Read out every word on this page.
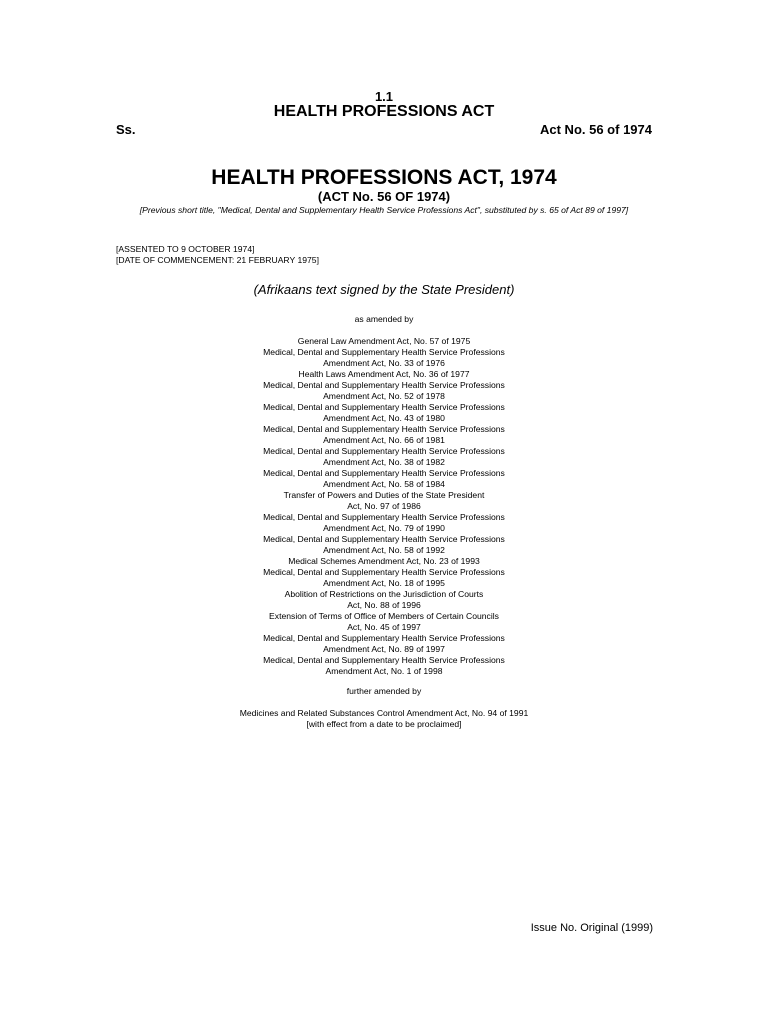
1.1
HEALTH PROFESSIONS ACT
Ss.	Act No. 56 of 1974
HEALTH PROFESSIONS ACT, 1974
(ACT No. 56 OF 1974)
[Previous short title, "Medical, Dental and Supplementary Health Service Professions Act", substituted by s. 65 of Act 89 of 1997]
[ASSENTED TO 9 OCTOBER 1974]
[DATE OF COMMENCEMENT: 21 FEBRUARY 1975]
(Afrikaans text signed by the State President)
as amended by
General Law Amendment Act, No. 57 of 1975
Medical, Dental and Supplementary Health Service Professions
Amendment Act, No. 33 of 1976
Health Laws Amendment Act, No. 36 of 1977
Medical, Dental and Supplementary Health Service Professions
Amendment Act, No. 52 of 1978
Medical, Dental and Supplementary Health Service Professions
Amendment Act, No. 43 of 1980
Medical, Dental and Supplementary Health Service Professions
Amendment Act, No. 66 of 1981
Medical, Dental and Supplementary Health Service Professions
Amendment Act, No. 38 of 1982
Medical, Dental and Supplementary Health Service Professions
Amendment Act, No. 58 of 1984
Transfer of Powers and Duties of the State President
Act, No. 97 of 1986
Medical, Dental and Supplementary Health Service Professions
Amendment Act, No. 79 of 1990
Medical, Dental and Supplementary Health Service Professions
Amendment Act, No. 58 of 1992
Medical Schemes Amendment Act, No. 23 of 1993
Medical, Dental and Supplementary Health Service Professions
Amendment Act, No. 18 of 1995
Abolition of Restrictions on the Jurisdiction of Courts
Act, No. 88 of 1996
Extension of Terms of Office of Members of Certain Councils
Act, No. 45 of 1997
Medical, Dental and Supplementary Health Service Professions
Amendment Act, No. 89 of 1997
Medical, Dental and Supplementary Health Service Professions
Amendment Act, No. 1 of 1998
further amended by
Medicines and Related Substances Control Amendment Act, No. 94 of 1991
[with effect from a date to be proclaimed]
Issue No. Original (1999)
